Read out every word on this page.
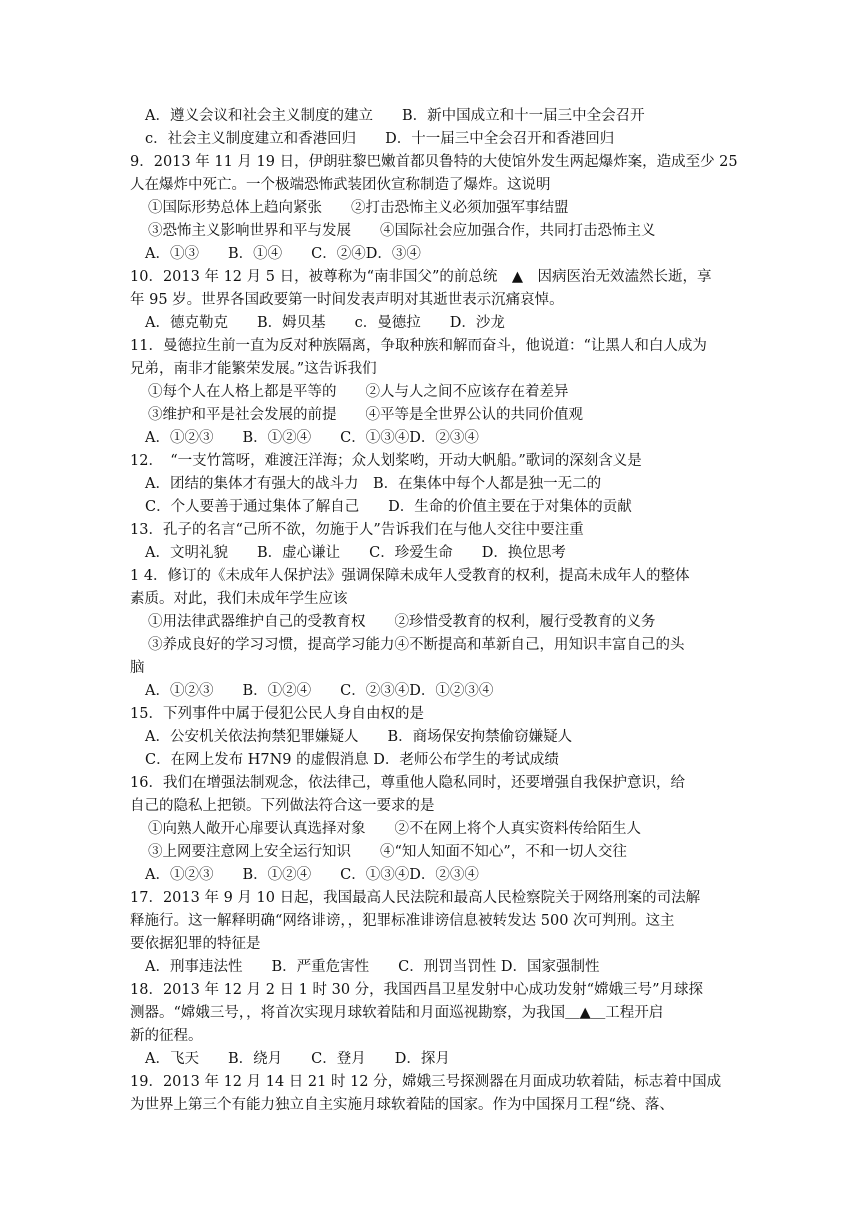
A．遵义会议和社会主义制度的建立　　B．新中国成立和十一届三中全会召开
c．社会主义制度建立和香港回归　　D．十一届三中全会召开和香港回归
9．2013 年 11 月 19 日，伊朗驻黎巴嫩首都贝鲁特的大使馆外发生两起爆炸案，造成至少 25
人在爆炸中死亡。一个极端恐怖武装团伙宣称制造了爆炸。这说明
①国际形势总体上趋向紧张　　②打击恐怖主义必须加强军事结盟
③恐怖主义影响世界和平与发展　　④国际社会应加强合作，共同打击恐怖主义
A．①③　　B．①④　　C．②④D．③④
10．2013 年 12 月 5 日，被尊称为“南非国父”的前总统　▲　因病医治无效溘然长逝，享
年 95 岁。世界各国政要第一时间发表声明对其逝世表示沉痛哀悼。
A．德克勒克　　B．姆贝基　　c．曼德拉　　D．沙龙
11．曼德拉生前一直为反对种族隔离，争取种族和解而奋斗，他说道：“让黑人和白人成为
兄弟，南非才能繁荣发展。”这告诉我们
①每个人在人格上都是平等的　　②人与人之间不应该存在着差异
③维护和平是社会发展的前提　　④平等是全世界公认的共同价值观
A．①②③　　B．①②④　　C．①③④D．②③④
12．　“一支竹篙呀，难渡汪洋海；众人划桨哟，开动大帆船。”歌词的深刻含义是
A．团结的集体才有强大的战斗力　B．在集体中每个人都是独一无二的
C．个人要善于通过集体了解自己　　D．生命的价值主要在于对集体的贡献
13．孔子的名言“己所不欲，勿施于人”告诉我们在与他人交往中要注重
A．文明礼貌　　B．虚心谦让　　C．珍爱生命　　D．换位思考
1 4．修订的《未成年人保护法》强调保障未成年人受教育的权利，提高未成年人的整体
素质。对此，我们未成年学生应该
①用法律武器维护自己的受教育权　　②珍惜受教育的权利，履行受教育的义务
③养成良好的学习习惯，提高学习能力④不断提高和革新自己，用知识丰富自己的头
脑
A．①②③　　B．①②④　　C．②③④D．①②③④
15．下列事件中属于侵犯公民人身自由权的是
A．公安机关依法拘禁犯罪嫌疑人　　B．商场保安拘禁偷窃嫌疑人
C．在网上发布 H7N9 的虚假消息 D．老师公布学生的考试成绩
16．我们在增强法制观念，依法律己，尊重他人隐私同时，还要增强自我保护意识，给
自己的隐私上把锁。下列做法符合这一要求的是
①向熟人敞开心扉要认真选择对象　　②不在网上将个人真实资料传给陌生人
③上网要注意网上安全运行知识　　④“知人知面不知心”，不和一切人交往
A．①②③　　B．①②④　　C．①③④D．②③④
17．2013 年 9 月 10 日起，我国最高人民法院和最高人民检察院关于网络刑案的司法解
释施行。这一解释明确“网络诽谤，，犯罪标准诽谤信息被转发达 500 次可判刑。这主
要依据犯罪的特征是
A．刑事违法性　　B．严重危害性　　C．刑罚当罚性 D．国家强制性
18．2013 年 12 月 2 日 1 时 30 分，我国西昌卫星发射中心成功发射“嫦娥三号”月球探
测器。“嫦娥三号，，将首次实现月球软着陆和月面巡视勘察，为我国＿▲＿工程开启
新的征程。
A．飞天　　B．绕月　　C．登月　　D．探月
19．2013 年 12 月 14 日 21 时 12 分，嫦娥三号探测器在月面成功软着陆，标志着中国成
为世界上第三个有能力独立自主实施月球软着陆的国家。作为中国探月工程“绕、落、
